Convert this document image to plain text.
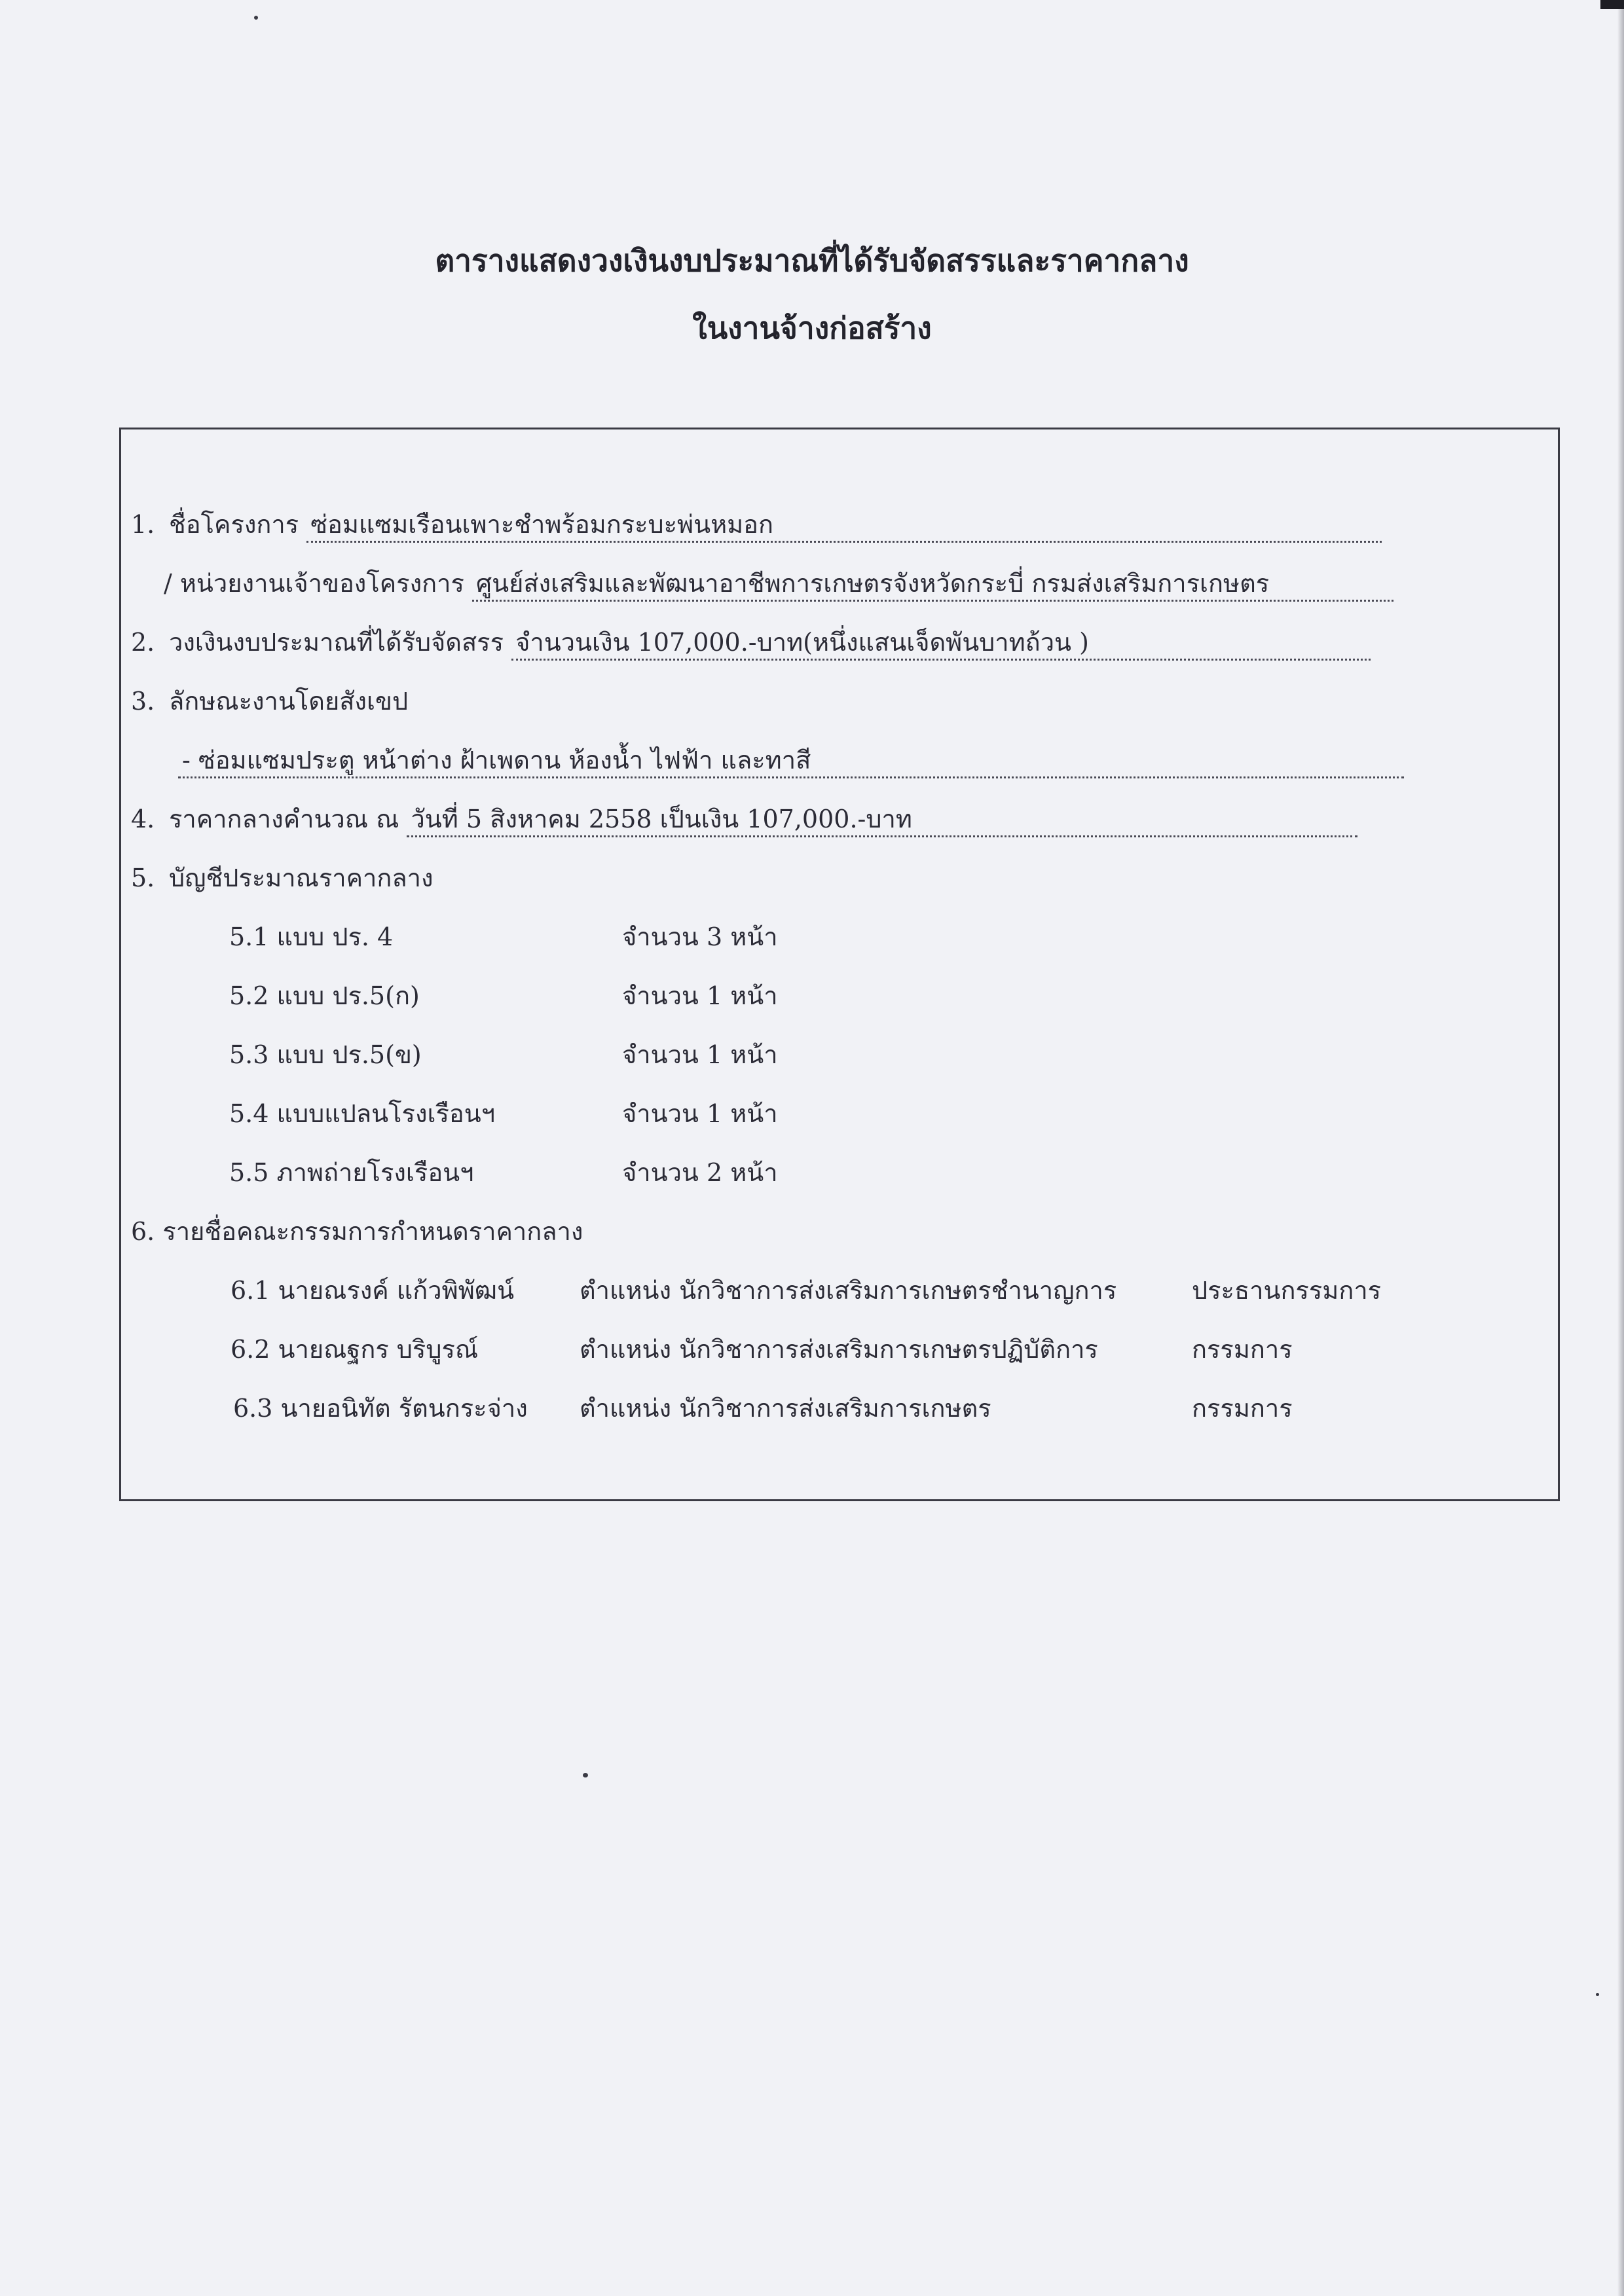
ตารางแสดงวงเงินงบประมาณที่ได้รับจัดสรรและราคากลาง
ในงานจ้างก่อสร้าง
1. ชื่อโครงการ ซ่อมแซมเรือนเพาะชำพร้อมกระบะพ่นหมอก
/ หน่วยงานเจ้าของโครงการ ศูนย์ส่งเสริมและพัฒนาอาชีพการเกษตรจังหวัดกระบี่ กรมส่งเสริมการเกษตร
2. วงเงินงบประมาณที่ได้รับจัดสรร จำนวนเงิน 107,000.-บาท(หนึ่งแสนเจ็ดพันบาทถ้วน )
3. ลักษณะงานโดยสังเขป
- ซ่อมแซมประตู หน้าต่าง ฝ้าเพดาน ห้องน้ำ ไฟฟ้า และทาสี
4. ราคากลางคำนวณ ณ วันที่ 5 สิงหาคม 2558 เป็นเงิน 107,000.-บาท
5. บัญชีประมาณราคากลาง
5.1 แบบ ปร. 4	จำนวน 3 หน้า
5.2 แบบ ปร.5(ก)	จำนวน 1 หน้า
5.3 แบบ ปร.5(ข)	จำนวน 1 หน้า
5.4 แบบแปลนโรงเรือนฯ	จำนวน 1 หน้า
5.5 ภาพถ่ายโรงเรือนฯ	จำนวน 2 หน้า
6. รายชื่อคณะกรรมการกำหนดราคากลาง
6.1 นายณรงค์ แก้วพิพัฒน์	ตำแหน่ง นักวิชาการส่งเสริมการเกษตรชำนาญการ	ประธานกรรมการ
6.2 นายณฐกร บริบูรณ์	ตำแหน่ง นักวิชาการส่งเสริมการเกษตรปฏิบัติการ	กรรมการ
6.3 นายอนิทัต รัตนกระจ่าง ตำแหน่ง นักวิชาการส่งเสริมการเกษตร	กรรมการ
